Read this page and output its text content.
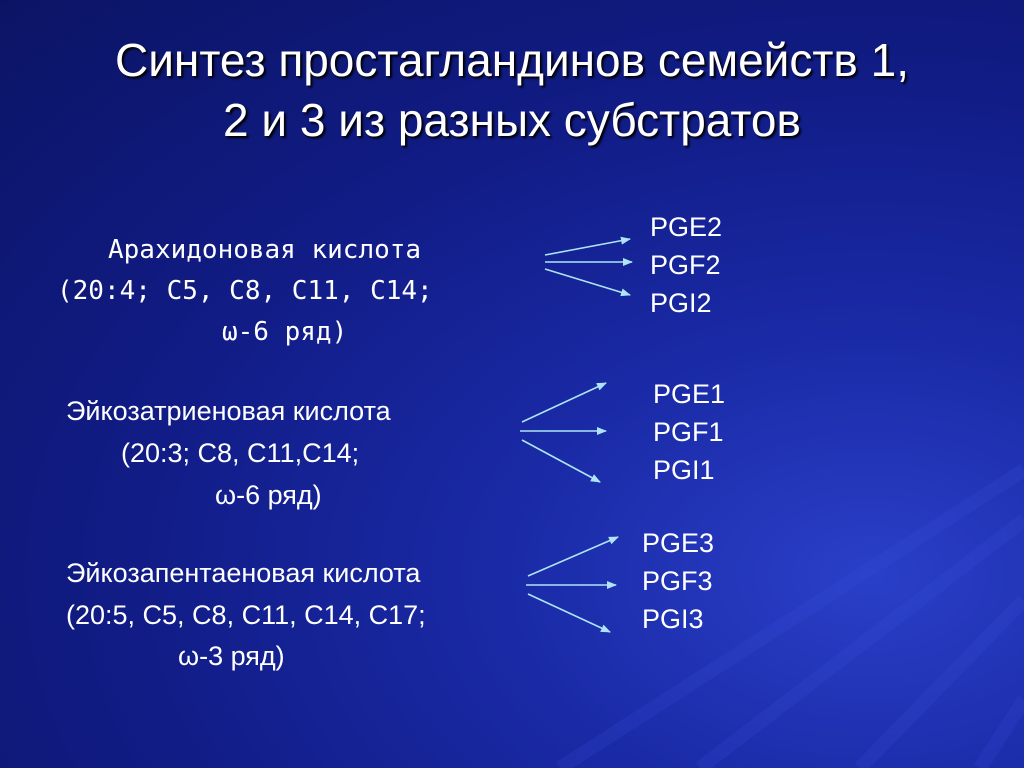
Синтез простагландинов семейств 1,
2 и 3 из разных субстратов
Арахидоновая кислота
(20:4; С5, С8, С11, С14;
ω-6 ряд)
Эйкозатриеновая кислота
(20:3; С8, С11,С14;
ω-6 ряд)
Эйкозапентаеновая кислота
(20:5, С5, С8, С11, С14, С17;
ω-3 ряд)
PGE2
PGF2
PGI2
PGE1
PGF1
PGI1
PGE3
PGF3
PGI3
